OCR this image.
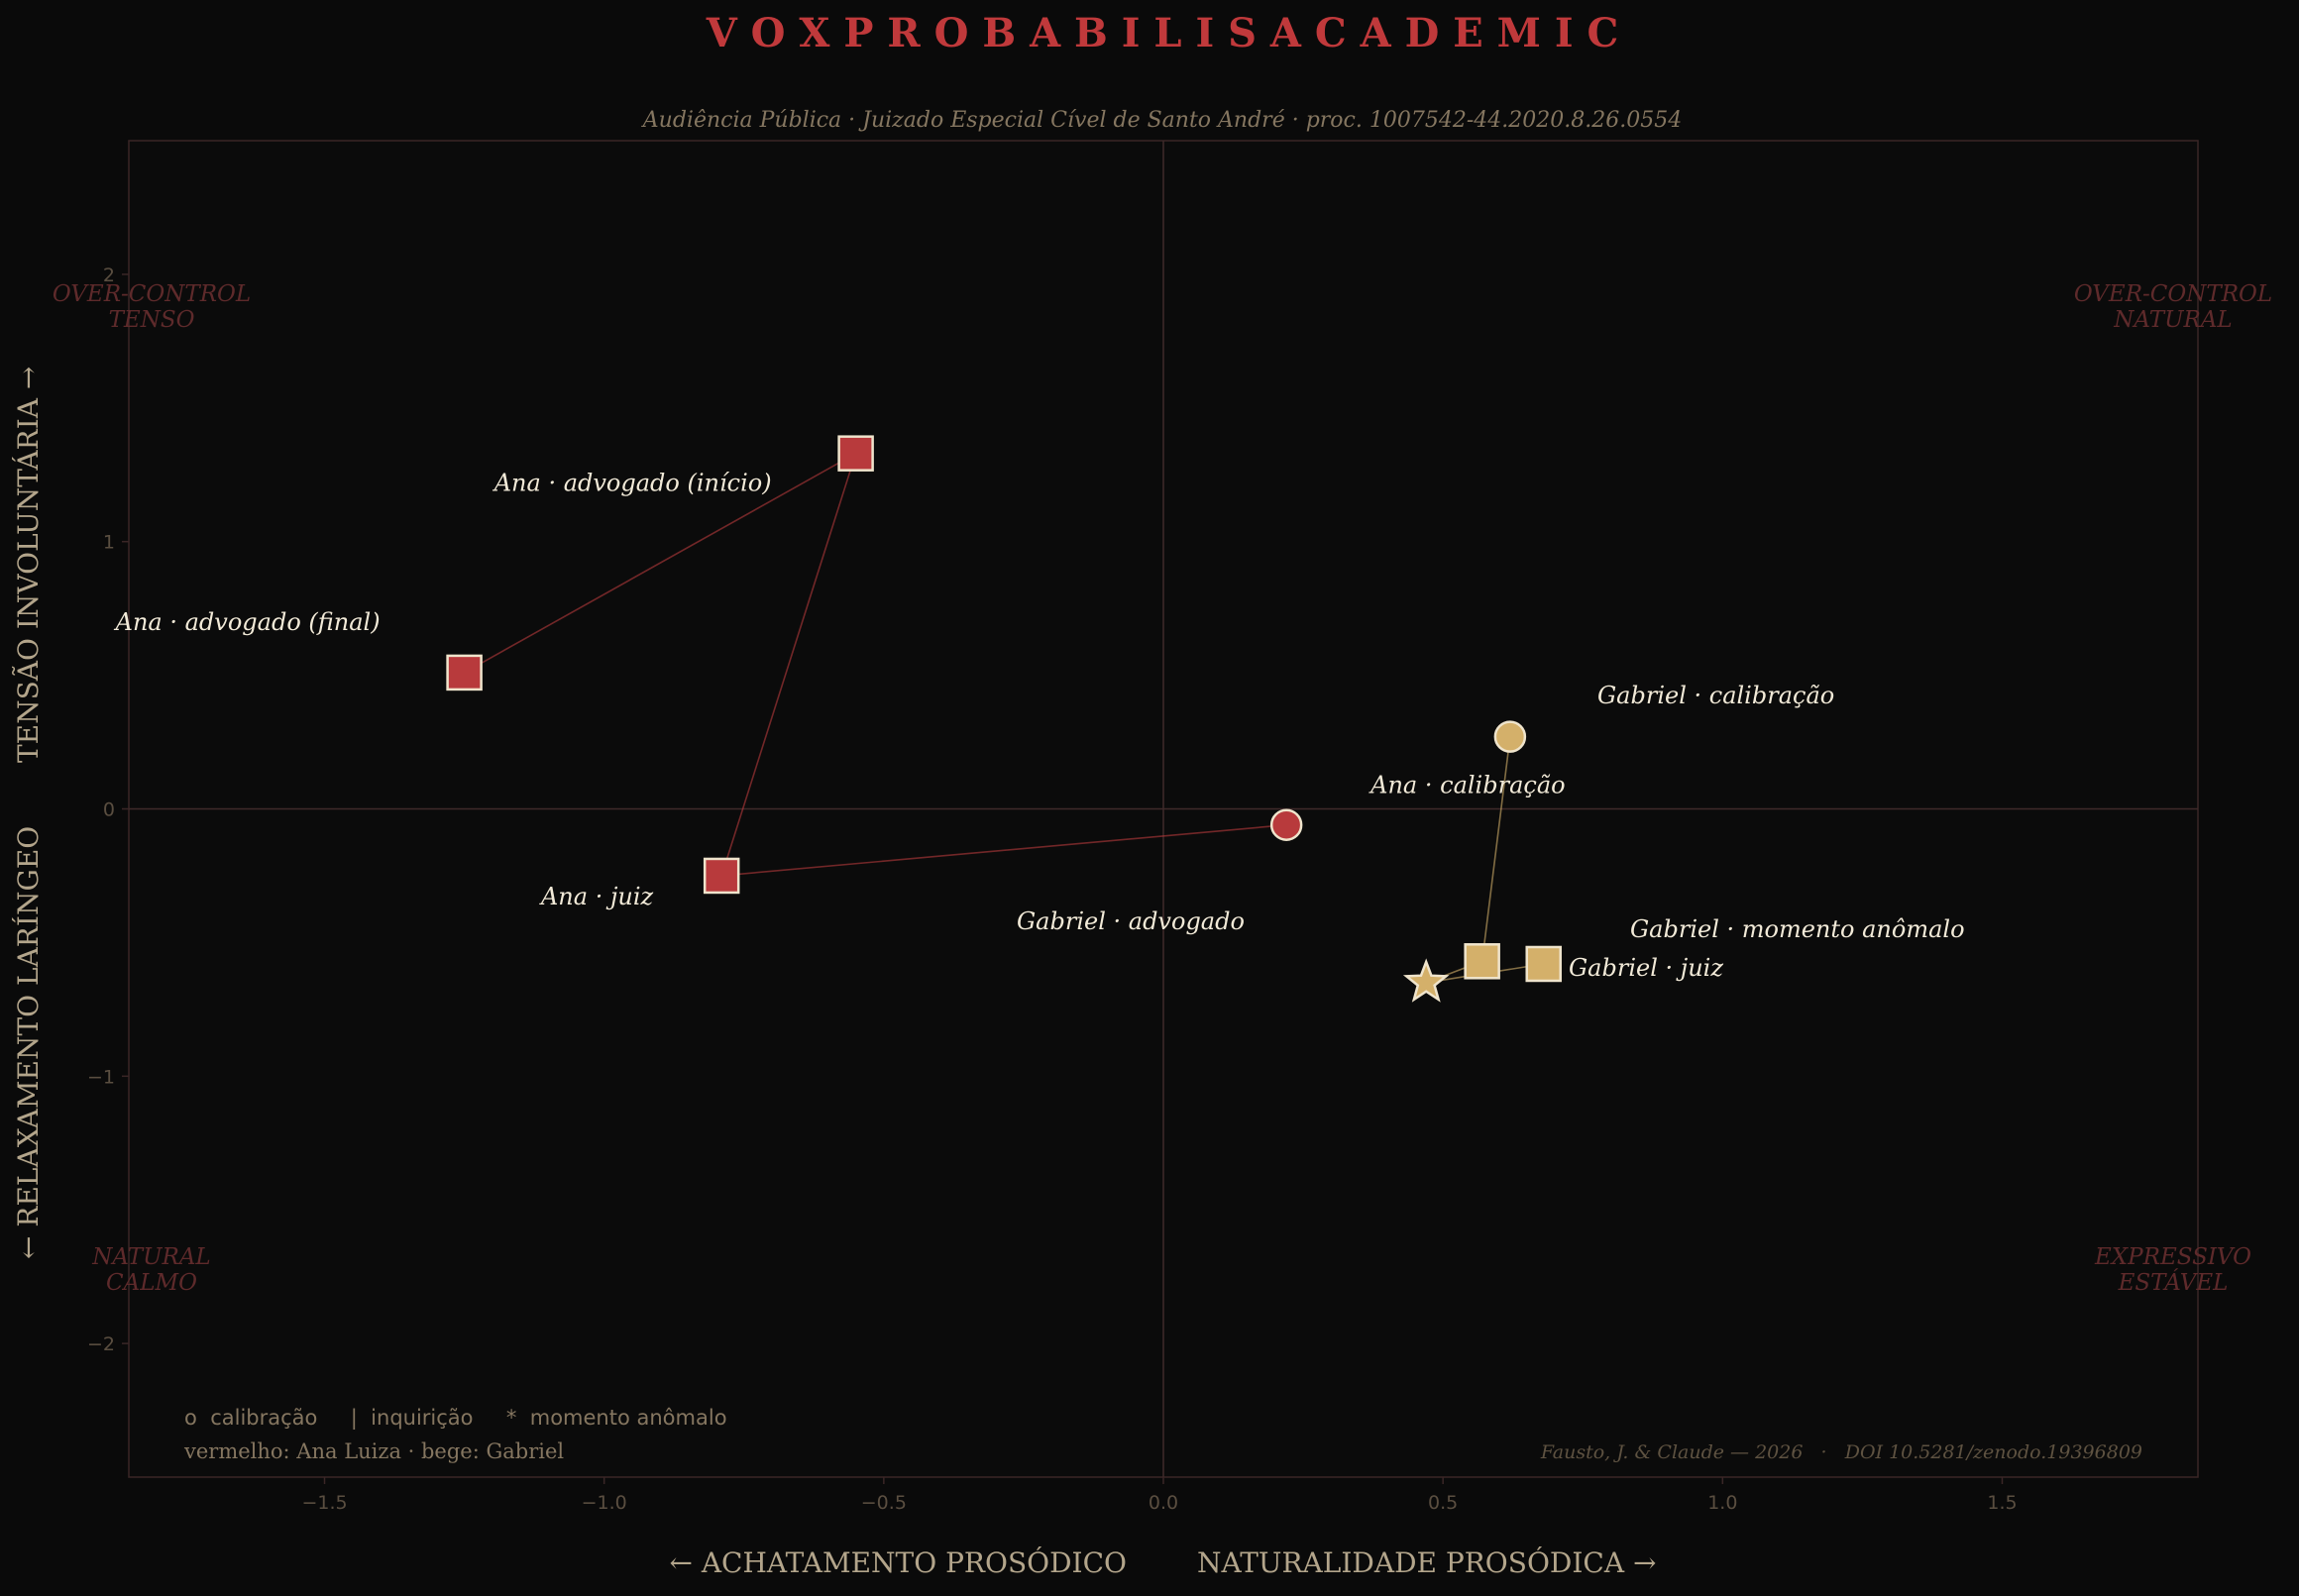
V O X P R O B A B I L I S A C A D E M I C
Audiência Pública · Juizado Especial Cível de Santo André · proc. 1007542-44.2020.8.26.0554
−1.5	−1.0	−0.5	0.0	0.5	1.0	1.5
−2
−1
0
1
2
OVER-CONTROL
TENSO
OVER-CONTROL
NATURAL
NATURAL
CALMO
EXPRESSIVO
ESTÁVEL
Ana · calibração
Ana · juiz
Ana · advogado (início)
Ana · advogado (final)
Gabriel · calibração
Gabriel · advogado	Gabriel · momento anômalo
Gabriel · juiz
o  calibração     |  inquirição     *  momento anômalo
vermelho: Ana Luiza · bege: Gabriel	Fausto, J. & Claude — 2026   ·   DOI 10.5281/zenodo.19396809
← ACHATAMENTO PROSÓDICO	NATURALIDADE PROSÓDICA →
← RELAXAMENTO LARÍNGEO
TENSÃO INVOLUNTÁRIA →
